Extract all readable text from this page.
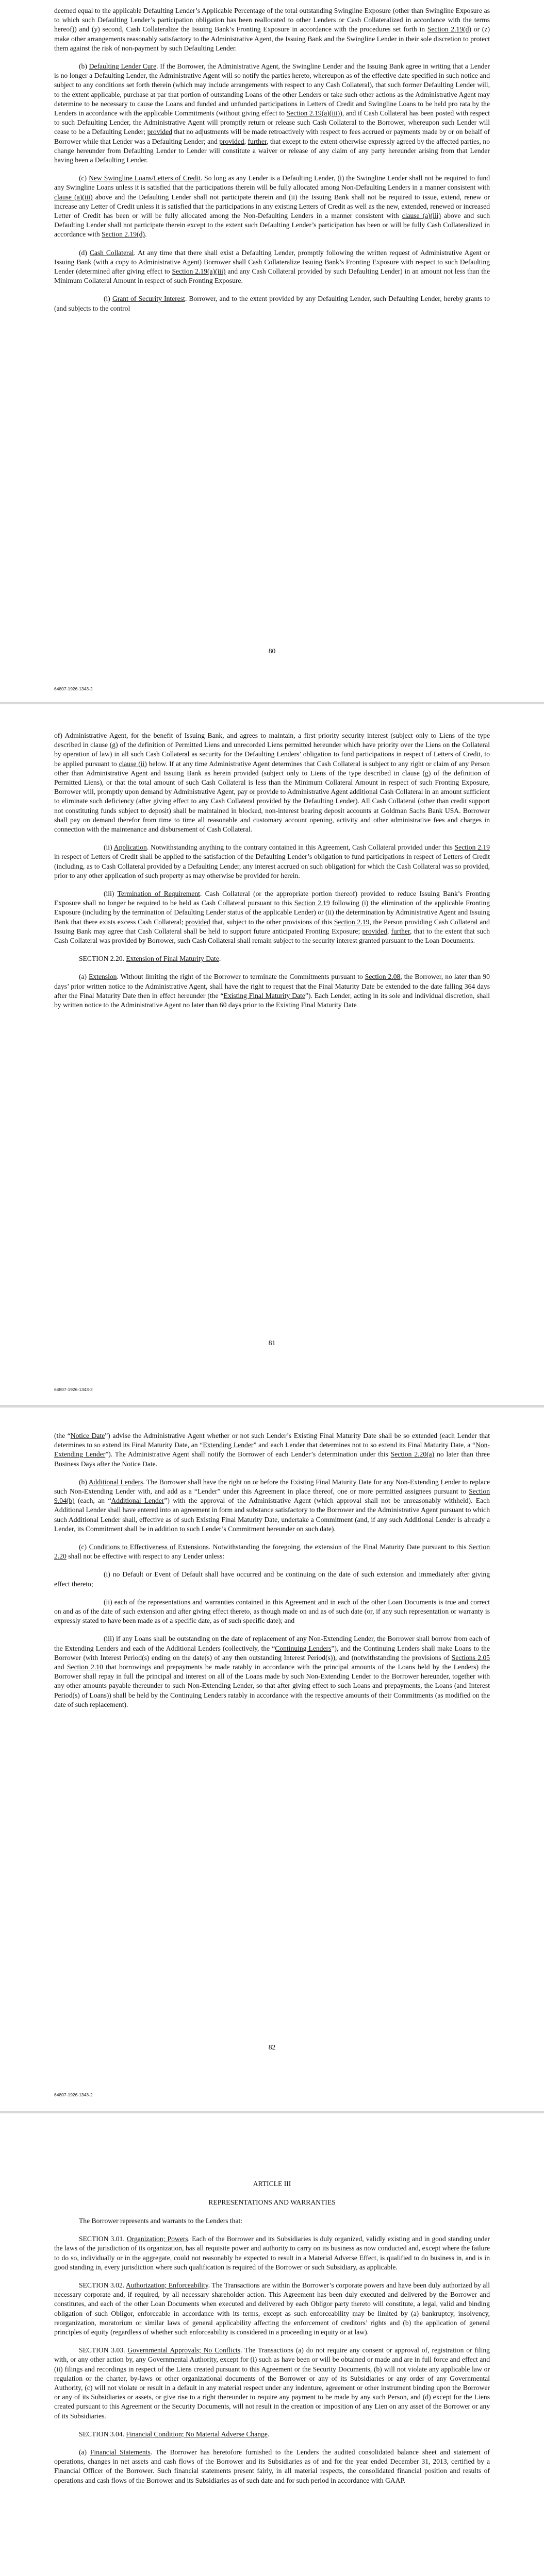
deemed equal to the applicable Defaulting Lender’s Applicable Percentage of the total outstanding Swingline Exposure (other than Swingline Exposure as to which such Defaulting Lender’s participation obligation has been reallocated to other Lenders or Cash Collateralized in accordance with the terms hereof)) and (y) second, Cash Collateralize the Issuing Bank’s Fronting Exposure in accordance with the procedures set forth in Section 2.19(d) or (z) make other arrangements reasonably satisfactory to the Administrative Agent, the Issuing Bank and the Swingline Lender in their sole discretion to protect them against the risk of non-payment by such Defaulting Lender.

(b) Defaulting Lender Cure. If the Borrower, the Administrative Agent, the Swingline Lender and the Issuing Bank agree in writing that a Lender is no longer a Defaulting Lender, the Administrative Agent will so notify the parties hereto, whereupon as of the effective date specified in such notice and subject to any conditions set forth therein (which may include arrangements with respect to any Cash Collateral), that such former Defaulting Lender will, to the extent applicable, purchase at par that portion of outstanding Loans of the other Lenders or take such other actions as the Administrative Agent may determine to be necessary to cause the Loans and funded and unfunded participations in Letters of Credit and Swingline Loans to be held pro rata by the Lenders in accordance with the applicable Commitments (without giving effect to Section 2.19(a)(iii)), and if Cash Collateral has been posted with respect to such Defaulting Lender, the Administrative Agent will promptly return or release such Cash Collateral to the Borrower, whereupon such Lender will cease to be a Defaulting Lender; provided that no adjustments will be made retroactively with respect to fees accrued or payments made by or on behalf of Borrower while that Lender was a Defaulting Lender; and provided, further, that except to the extent otherwise expressly agreed by the affected parties, no change hereunder from Defaulting Lender to Lender will constitute a waiver or release of any claim of any party hereunder arising from that Lender having been a Defaulting Lender.

(c) New Swingline Loans/Letters of Credit. So long as any Lender is a Defaulting Lender, (i) the Swingline Lender shall not be required to fund any Swingline Loans unless it is satisfied that the participations therein will be fully allocated among Non-Defaulting Lenders in a manner consistent with clause (a)(iii) above and the Defaulting Lender shall not participate therein and (ii) the Issuing Bank shall not be required to issue, extend, renew or increase any Letter of Credit unless it is satisfied that the participations in any existing Letters of Credit as well as the new, extended, renewed or increased Letter of Credit has been or will be fully allocated among the Non-Defaulting Lenders in a manner consistent with clause (a)(iii) above and such Defaulting Lender shall not participate therein except to the extent such Defaulting Lender’s participation has been or will be fully Cash Collateralized in accordance with Section 2.19(d).

(d) Cash Collateral. At any time that there shall exist a Defaulting Lender, promptly following the written request of Administrative Agent or Issuing Bank (with a copy to Administrative Agent) Borrower shall Cash Collateralize Issuing Bank’s Fronting Exposure with respect to such Defaulting Lender (determined after giving effect to Section 2.19(a)(iii) and any Cash Collateral provided by such Defaulting Lender) in an amount not less than the Minimum Collateral Amount in respect of such Fronting Exposure.

(i) Grant of Security Interest. Borrower, and to the extent provided by any Defaulting Lender, such Defaulting Lender, hereby grants to (and subjects to the control

80
64807-1926-1343-2

of) Administrative Agent, for the benefit of Issuing Bank, and agrees to maintain, a first priority security interest (subject only to Liens of the type described in clause (g) of the definition of Permitted Liens and unrecorded Liens permitted hereunder which have priority over the Liens on the Collateral by operation of law) in all such Cash Collateral as security for the Defaulting Lenders’ obligation to fund participations in respect of Letters of Credit, to be applied pursuant to clause (ii) below. If at any time Administrative Agent determines that Cash Collateral is subject to any right or claim of any Person other than Administrative Agent and Issuing Bank as herein provided (subject only to Liens of the type described in clause (g) of the definition of Permitted Liens), or that the total amount of such Cash Collateral is less than the Minimum Collateral Amount in respect of such Fronting Exposure, Borrower will, promptly upon demand by Administrative Agent, pay or provide to Administrative Agent additional Cash Collateral in an amount sufficient to eliminate such deficiency (after giving effect to any Cash Collateral provided by the Defaulting Lender). All Cash Collateral (other than credit support not constituting funds subject to deposit) shall be maintained in blocked, non-interest bearing deposit accounts at Goldman Sachs Bank USA. Borrower shall pay on demand therefor from time to time all reasonable and customary account opening, activity and other administrative fees and charges in connection with the maintenance and disbursement of Cash Collateral.

(ii) Application. Notwithstanding anything to the contrary contained in this Agreement, Cash Collateral provided under this Section 2.19 in respect of Letters of Credit shall be applied to the satisfaction of the Defaulting Lender’s obligation to fund participations in respect of Letters of Credit (including, as to Cash Collateral provided by a Defaulting Lender, any interest accrued on such obligation) for which the Cash Collateral was so provided, prior to any other application of such property as may otherwise be provided for herein.

(iii) Termination of Requirement. Cash Collateral (or the appropriate portion thereof) provided to reduce Issuing Bank’s Fronting Exposure shall no longer be required to be held as Cash Collateral pursuant to this Section 2.19 following (i) the elimination of the applicable Fronting Exposure (including by the termination of Defaulting Lender status of the applicable Lender) or (ii) the determination by Administrative Agent and Issuing Bank that there exists excess Cash Collateral; provided that, subject to the other provisions of this Section 2.19, the Person providing Cash Collateral and Issuing Bank may agree that Cash Collateral shall be held to support future anticipated Fronting Exposure; provided, further, that to the extent that such Cash Collateral was provided by Borrower, such Cash Collateral shall remain subject to the security interest granted pursuant to the Loan Documents.

SECTION 2.20. Extension of Final Maturity Date.

(a) Extension. Without limiting the right of the Borrower to terminate the Commitments pursuant to Section 2.08, the Borrower, no later than 90 days’ prior written notice to the Administrative Agent, shall have the right to request that the Final Maturity Date be extended to the date falling 364 days after the Final Maturity Date then in effect hereunder (the “Existing Final Maturity Date”). Each Lender, acting in its sole and individual discretion, shall by written notice to the Administrative Agent no later than 60 days prior to the Existing Final Maturity Date

81
64807-1926-1343-2

(the “Notice Date”) advise the Administrative Agent whether or not such Lender’s Existing Final Maturity Date shall be so extended (each Lender that determines to so extend its Final Maturity Date, an “Extending Lender” and each Lender that determines not to so extend its Final Maturity Date, a “Non-Extending Lender”). The Administrative Agent shall notify the Borrower of each Lender’s determination under this Section 2.20(a) no later than three Business Days after the Notice Date.

(b) Additional Lenders. The Borrower shall have the right on or before the Existing Final Maturity Date for any Non-Extending Lender to replace such Non-Extending Lender with, and add as a “Lender” under this Agreement in place thereof, one or more permitted assignees pursuant to Section 9.04(b) (each, an “Additional Lender”) with the approval of the Administrative Agent (which approval shall not be unreasonably withheld). Each Additional Lender shall have entered into an agreement in form and substance satisfactory to the Borrower and the Administrative Agent pursuant to which such Additional Lender shall, effective as of such Existing Final Maturity Date, undertake a Commitment (and, if any such Additional Lender is already a Lender, its Commitment shall be in addition to such Lender’s Commitment hereunder on such date).

(c) Conditions to Effectiveness of Extensions. Notwithstanding the foregoing, the extension of the Final Maturity Date pursuant to this Section 2.20 shall not be effective with respect to any Lender unless:

(i) no Default or Event of Default shall have occurred and be continuing on the date of such extension and immediately after giving effect thereto;

(ii) each of the representations and warranties contained in this Agreement and in each of the other Loan Documents is true and correct on and as of the date of such extension and after giving effect thereto, as though made on and as of such date (or, if any such representation or warranty is expressly stated to have been made as of a specific date, as of such specific date); and

(iii) if any Loans shall be outstanding on the date of replacement of any Non-Extending Lender, the Borrower shall borrow from each of the Extending Lenders and each of the Additional Lenders (collectively, the “Continuing Lenders”), and the Continuing Lenders shall make Loans to the Borrower (with Interest Period(s) ending on the date(s) of any then outstanding Interest Period(s)), and (notwithstanding the provisions of Sections 2.05 and Section 2.10 that borrowings and prepayments be made ratably in accordance with the principal amounts of the Loans held by the Lenders) the Borrower shall repay in full the principal and interest on all of the Loans made by such Non-Extending Lender to the Borrower hereunder, together with any other amounts payable thereunder to such Non-Extending Lender, so that after giving effect to such Loans and prepayments, the Loans (and Interest Period(s) of Loans)) shall be held by the Continuing Lenders ratably in accordance with the respective amounts of their Commitments (as modified on the date of such replacement).

82
64807-1926-1343-2

ARTICLE III

REPRESENTATIONS AND WARRANTIES

The Borrower represents and warrants to the Lenders that:

SECTION 3.01. Organization; Powers. Each of the Borrower and its Subsidiaries is duly organized, validly existing and in good standing under the laws of the jurisdiction of its organization, has all requisite power and authority to carry on its business as now conducted and, except where the failure to do so, individually or in the aggregate, could not reasonably be expected to result in a Material Adverse Effect, is qualified to do business in, and is in good standing in, every jurisdiction where such qualification is required of the Borrower or such Subsidiary, as applicable.

SECTION 3.02. Authorization; Enforceability. The Transactions are within the Borrower’s corporate powers and have been duly authorized by all necessary corporate and, if required, by all necessary shareholder action. This Agreement has been duly executed and delivered by the Borrower and constitutes, and each of the other Loan Documents when executed and delivered by each Obligor party thereto will constitute, a legal, valid and binding obligation of such Obligor, enforceable in accordance with its terms, except as such enforceability may be limited by (a) bankruptcy, insolvency, reorganization, moratorium or similar laws of general applicability affecting the enforcement of creditors’ rights and (b) the application of general principles of equity (regardless of whether such enforceability is considered in a proceeding in equity or at law).

SECTION 3.03. Governmental Approvals; No Conflicts. The Transactions (a) do not require any consent or approval of, registration or filing with, or any other action by, any Governmental Authority, except for (i) such as have been or will be obtained or made and are in full force and effect and (ii) filings and recordings in respect of the Liens created pursuant to this Agreement or the Security Documents, (b) will not violate any applicable law or regulation or the charter, by-laws or other organizational documents of the Borrower or any of its Subsidiaries or any order of any Governmental Authority, (c) will not violate or result in a default in any material respect under any indenture, agreement or other instrument binding upon the Borrower or any of its Subsidiaries or assets, or give rise to a right thereunder to require any payment to be made by any such Person, and (d) except for the Liens created pursuant to this Agreement or the Security Documents, will not result in the creation or imposition of any Lien on any asset of the Borrower or any of its Subsidiaries.

SECTION 3.04. Financial Condition; No Material Adverse Change.

(a) Financial Statements. The Borrower has heretofore furnished to the Lenders the audited consolidated balance sheet and statement of operations, changes in net assets and cash flows of the Borrower and its Subsidiaries as of and for the year ended December 31, 2013, certified by a Financial Officer of the Borrower. Such financial statements present fairly, in all material respects, the consolidated financial position and results of operations and cash flows of the Borrower and its Subsidiaries as of such date and for such period in accordance with GAAP.
